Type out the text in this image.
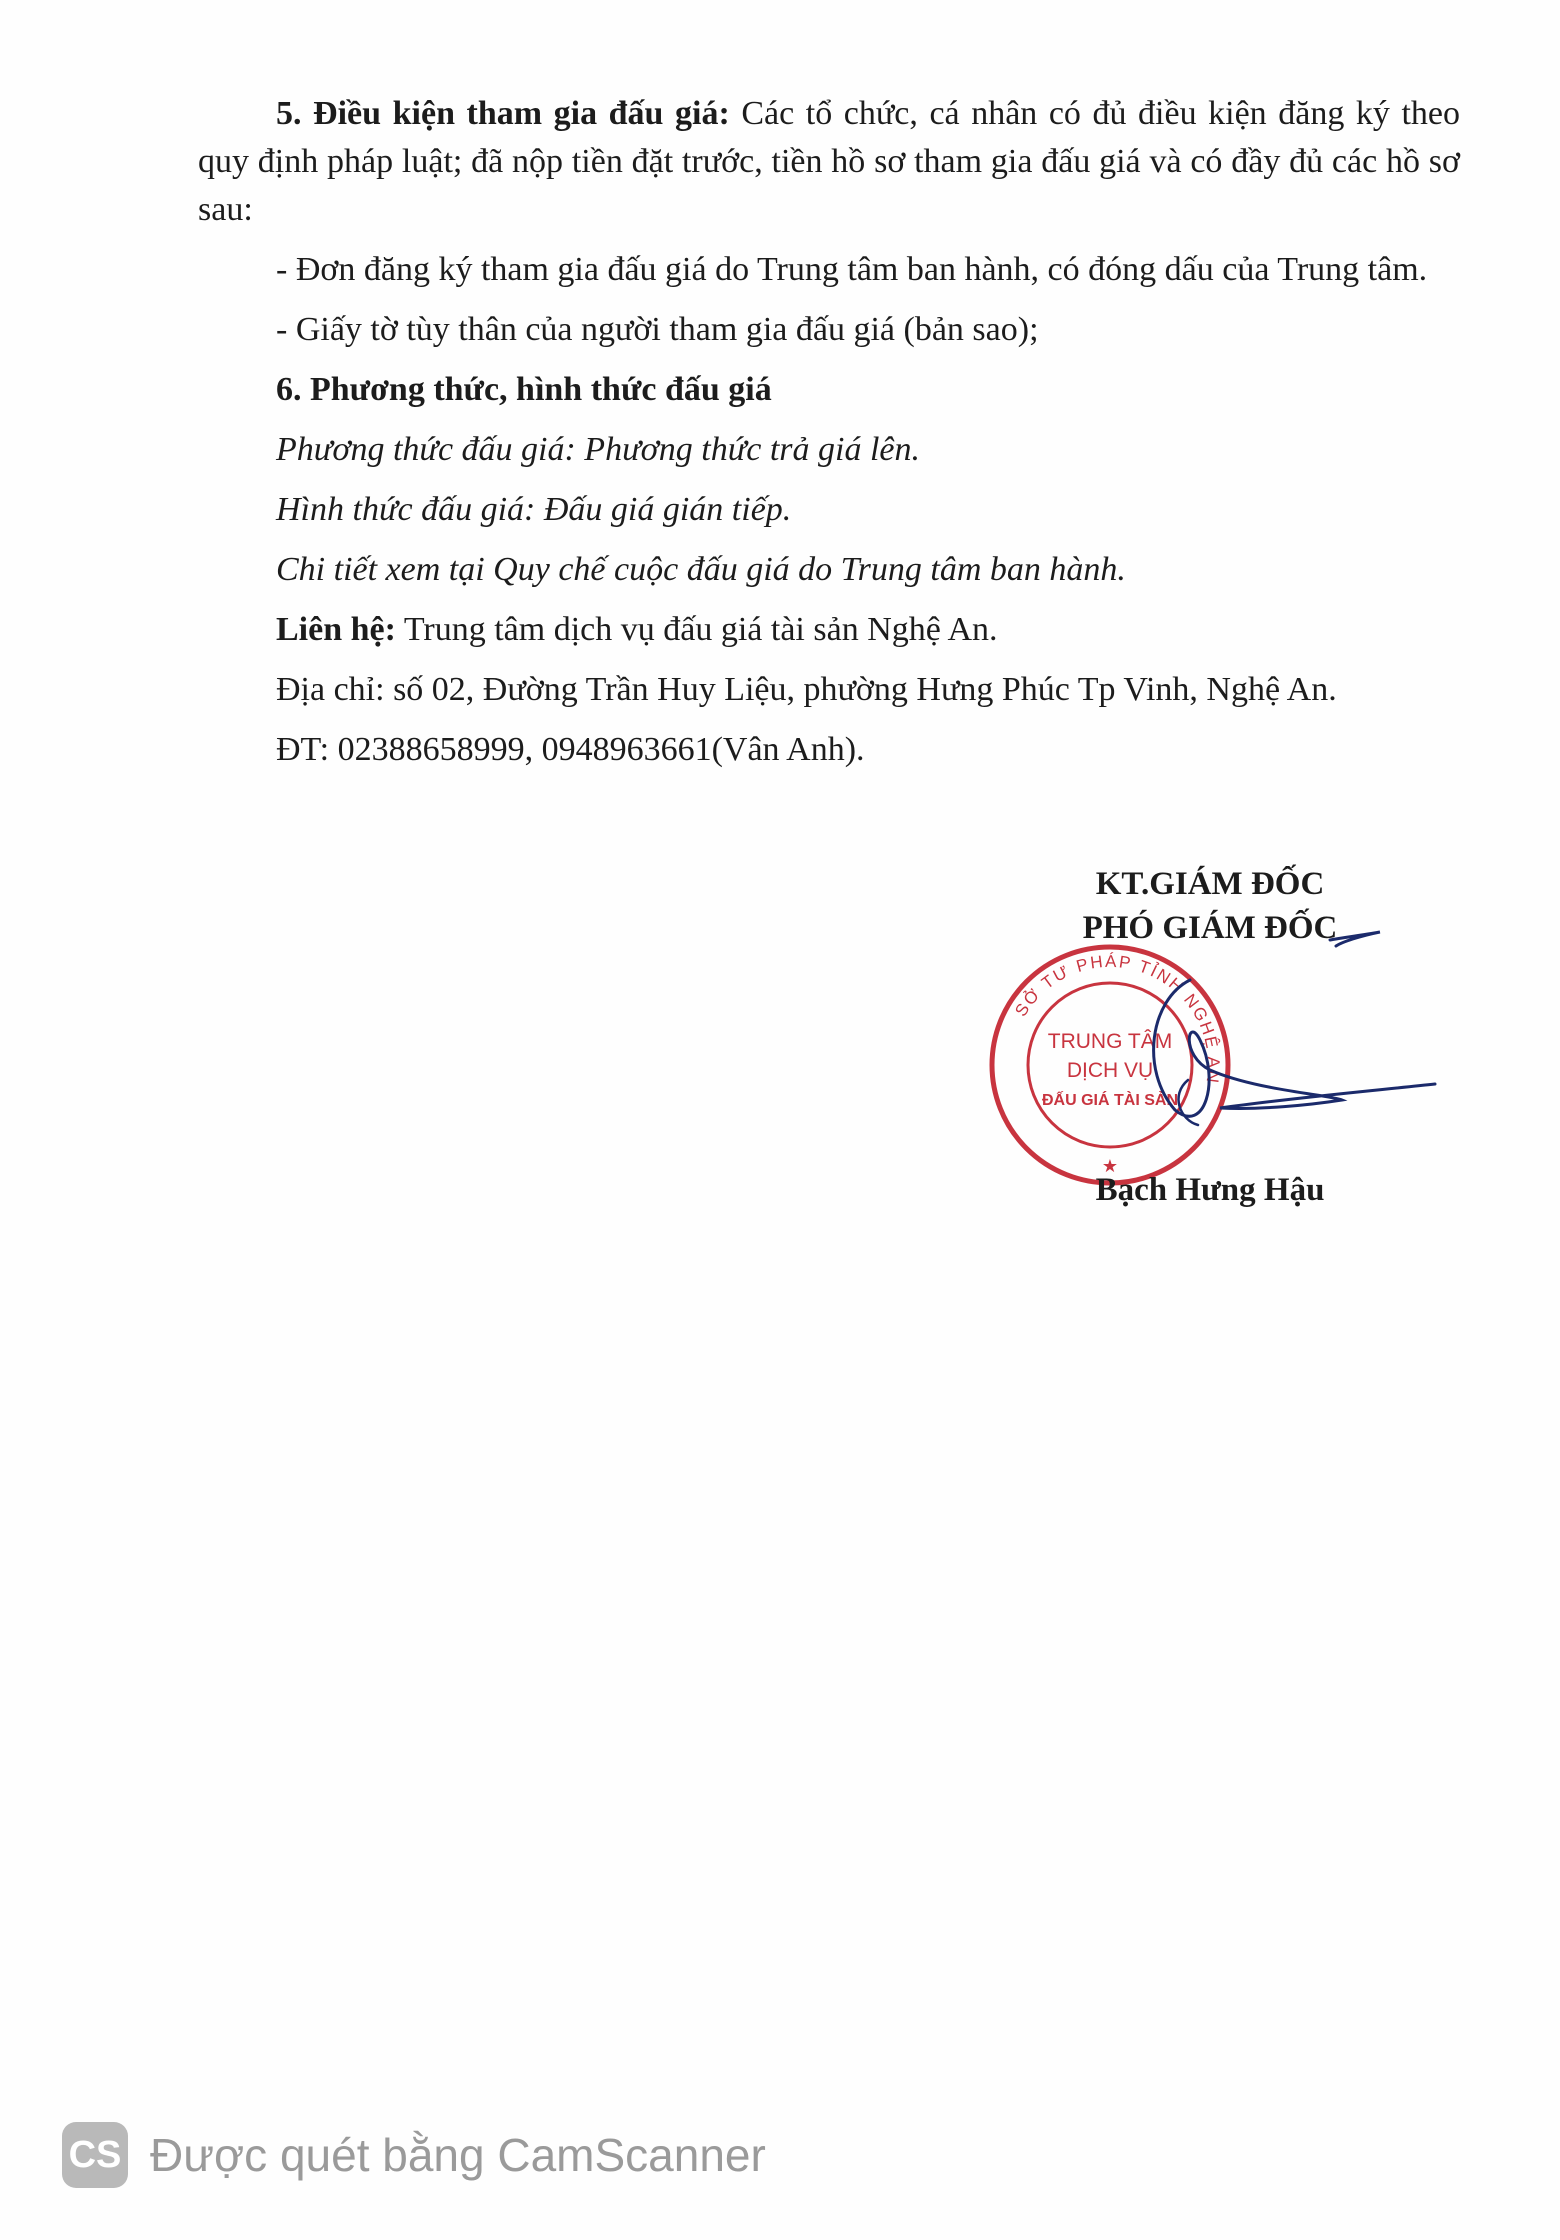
5. Điều kiện tham gia đấu giá: Các tổ chức, cá nhân có đủ điều kiện đăng ký theo quy định pháp luật; đã nộp tiền đặt trước, tiền hồ sơ tham gia đấu giá và có đầy đủ các hồ sơ sau:

- Đơn đăng ký tham gia đấu giá do Trung tâm ban hành, có đóng dấu của Trung tâm.

- Giấy tờ tùy thân của người tham gia đấu giá (bản sao);

6. Phương thức, hình thức đấu giá

Phương thức đấu giá: Phương thức trả giá lên.

Hình thức đấu giá: Đấu giá gián tiếp.

Chi tiết xem tại Quy chế cuộc đấu giá do Trung tâm ban hành.

Liên hệ: Trung tâm dịch vụ đấu giá tài sản Nghệ An.

Địa chỉ: số 02, Đường Trần Huy Liệu, phường Hưng Phúc Tp Vinh, Nghệ An.

ĐT: 02388658999, 0948963661(Vân Anh).

KT.GIÁM ĐỐC
PHÓ GIÁM ĐỐC
SỞ TƯ PHÁP TỈNH NGHỆ AN
TRUNG TÂM
DỊCH VỤ
ĐẤU GIÁ TÀI SẢN
★
Bạch Hưng Hậu
CS Được quét bằng CamScanner
